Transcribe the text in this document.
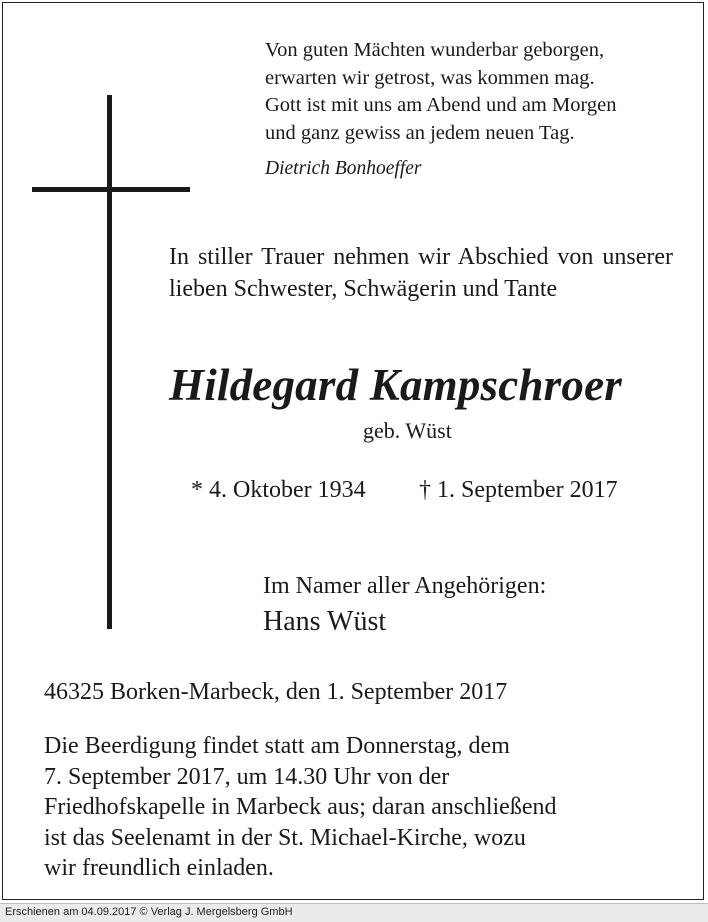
Von guten Mächten wunderbar geborgen,
erwarten wir getrost, was kommen mag.
Gott ist mit uns am Abend und am Morgen
und ganz gewiss an jedem neuen Tag.
Dietrich Bonhoeffer
In stiller Trauer nehmen wir Abschied von unserer lieben Schwester, Schwägerin und Tante
Hildegard Kampschroer
geb. Wüst
* 4. Oktober 1934 † 1. September 2017
Im Namer aller Angehörigen:
Hans Wüst
46325 Borken-Marbeck, den 1. September 2017
Die Beerdigung findet statt am Donnerstag, dem
7. September 2017, um 14.30 Uhr von der
Friedhofskapelle in Marbeck aus; daran anschließend
ist das Seelenamt in der St. Michael-Kirche, wozu
wir freundlich einladen.
Erschienen am 04.09.2017 © Verlag J. Mergelsberg GmbH
